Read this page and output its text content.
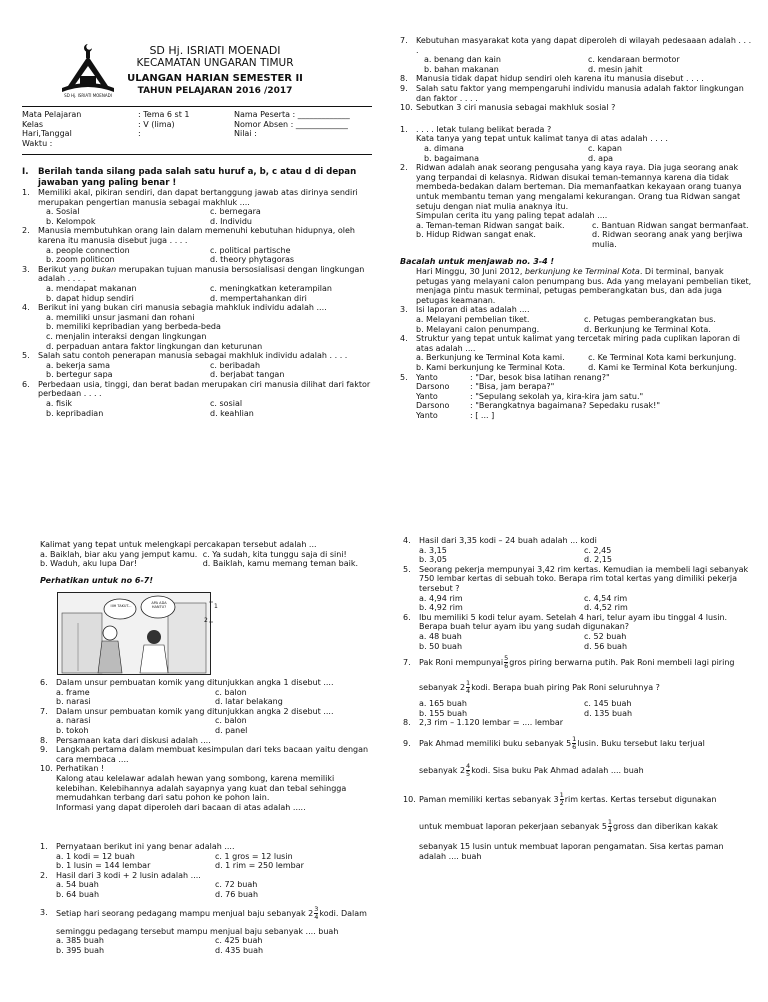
SD Hj. ISRIATI MOENADI
SD Hj. ISRIATI MOENADI
KECAMATAN UNGARAN TIMUR
ULANGAN HARIAN SEMESTER II
TAHUN PELAJARAN 2016 /2017
Mata Pelajaran	: Tema 6 st 1	Nama Peserta : _____________
Kelas	: V (lima)	Nomor Absen : _____________
Hari,Tanggal	:	Nilai :
Waktu :
I.	Berilah tanda silang pada salah satu huruf a, b, c atau d di depan jawaban yang paling benar !
1.	Memiliki akal, pikiran sendiri, dan dapat bertanggung jawab atas dirinya sendiri merupakan pengertian manusia sebagai makhluk ....
a. Sosial	c. bernegara
b. Kelompok	d. Individu
2.	Manusia membutuhkan orang lain dalam memenuhi kebutuhan hidupnya, oleh karena itu manusia disebut juga . . . .
a. people connection	c. political partische
b. zoom politicon	d. theory phytagoras
3.	Berikut yang bukan merupakan tujuan manusia bersosialisasi dengan lingkungan adalah . . . .
a. mendapat makanan	c. meningkatkan keterampilan
b. dapat hidup sendiri	d. mempertahankan diri
4.	Berikut ini yang bukan ciri manusia sebagia mahkluk individu adalah ....
a. memiliki unsur jasmani dan rohani
b. memiliki kepribadian yang berbeda-beda
c. menjalin interaksi dengan lingkungan
d. perpaduan antara faktor lingkungan dan keturunan
5.	Salah satu contoh penerapan manusia sebagai makhluk individu adalah . . . .
a. bekerja sama	c. beribadah
b. bertegur sapa	d. berjabat tangan
6.	Perbedaan usia, tinggi, dan berat badan merupakan ciri manusia dilihat dari faktor perbedaan . . . .
a. fisik	c. sosial
b. kepribadian	d. keahlian
7.	Kebutuhan masyarakat kota yang dapat diperoleh di wilayah pedesaaan adalah . . . .
a. benang dan kain	c. kendaraan bermotor
b. bahan makanan	d. mesin jahit
8.	Manusia tidak dapat hidup sendiri oleh karena itu manusia disebut . . . .
9.	Salah satu faktor yang mempengaruhi individu manusia adalah faktor lingkungan dan faktor . . . .
10. Sebutkan 3 ciri manusia sebagai makhluk sosial ?
1.	. . . . letak tulang belikat berada ?
Kata tanya yang tepat untuk kalimat tanya di atas adalah . . . .
a. dimana	c. kapan
b. bagaimana	d. apa
2.	Ridwan adalah anak seorang pengusaha yang kaya raya. Dia juga seorang anak yang terpandai di kelasnya. Ridwan disukai teman-temannya karena dia tidak membeda-bedakan dalam berteman. Dia memanfaatkan kekayaan orang tuanya untuk membantu teman yang mengalami kekurangan. Orang tua Ridwan sangat setuju dengan niat mulia anaknya itu.
Simpulan cerita itu yang paling tepat adalah ....
a. Teman-teman Ridwan sangat baik.	c. Bantuan Ridwan sangat bermanfaat.
b. Hidup Ridwan sangat enak.	d. Ridwan seorang anak yang berjiwa mulia.
Bacalah untuk menjawab no. 3-4 !
Hari Minggu, 30 Juni 2012, berkunjung ke Terminal Kota. Di terminal, banyak petugas yang melayani calon penumpang bus. Ada yang melayani pembelian tiket, menjaga pintu masuk terminal, petugas pemberangkatan bus, dan ada juga petugas keamanan.
3.	Isi laporan di atas adalah ....
a. Melayani pembelian tiket.	c. Petugas pemberangkatan bus.
b. Melayani calon penumpang.	d. Berkunjung ke Terminal Kota.
4.	Struktur yang tepat untuk kalimat yang tercetak miring pada cuplikan laporan di atas adalah ....
a. Berkunjung ke Terminal Kota kami.	c. Ke Terminal Kota kami berkunjung.
b. Kami berkunjung ke Terminal Kota.	d. Kami ke Terminal Kota berkunjung.
5.	Yanto	: "Dar, besok bisa latihan renang?"
Darsono	: "Bisa, jam berapa?"
Yanto	: "Sepulang sekolah ya, kira-kira jam satu."
Darsono	: "Berangkatnya bagaimana? Sepedaku rusak!"
Yanto	: [ ... ]
Kalimat yang tepat untuk melengkapi percakapan tersebut adalah ...
a. Baiklah, biar aku yang jemput kamu. c. Ya sudah, kita tunggu saja di sini!
b. Waduh, aku lupa Dar!	d. Baiklah, kamu memang teman baik.
Perhatikan untuk no 6-7!
IIIH TAKUT...
APA ADA HANTU?	1
2
6.	Dalam unsur pembuatan komik yang ditunjukkan angka 1 disebut ....
a. frame	c. balon
b. narasi	d. latar belakang
7.	Dalam unsur pembuatan komik yang ditunjukkan angka 2 disebut ....
a. narasi	c. balon
b. tokoh	d. panel
8.	Persamaan kata dari diskusi adalah ....
9.	Langkah pertama dalam membuat kesimpulan dari teks bacaan yaitu dengan cara membaca ....
10. Perhatikan !
Kalong atau kelelawar adalah hewan yang sombong, karena memiliki kelebihan. Kelebihannya adalah sayapnya yang kuat dan tebal sehingga memudahkan terbang dari satu pohon ke pohon lain.
Informasi yang dapat diperoleh dari bacaan di atas adalah .....
1.	Pernyataan berikut ini yang benar adalah ....
a. 1 kodi = 12 buah	c. 1 gros = 12 lusin
b. 1 lusin = 144 lembar	d. 1 rim = 250 lembar
2.	Hasil dari 3 kodi + 2 lusin adalah ....
a. 54 buah	c. 72 buah
b. 64 buah	d. 76 buah
3.	Setiap hari seorang pedagang mampu menjual baju sebanyak $2 \frac{3}{4}$ kodi. Dalam
seminggu pedagang tersebut mampu menjual baju sebanyak .... buah
a. 385 buah	c. 425 buah
b. 395 buah	d. 435 buah
4.	Hasil dari 3,35 kodi – 24 buah adalah ... kodi
a. 3,15	c. 2,45
b. 3,05	d. 2,15
5.	Seorang pekerja mempunyai 3,42 rim kertas. Kemudian ia membeli lagi sebanyak 750 lembar kertas di sebuah toko. Berapa rim total kertas yang dimiliki pekerja tersebut ?
a. 4,94 rim	c. 4,54 rim
b. 4,92 rim	d. 4,52 rim
6.	Ibu memiliki 5 kodi telur ayam. Setelah 4 hari, telur ayam ibu tinggal 4 lusin. Berapa buah telur ayam ibu yang sudah digunakan?
a. 48 buah	c. 52 buah
b. 50 buah	d. 56 buah
7.	Pak Roni mempunyai $\frac{5}{6}$ gros piring berwarna putih. Pak Roni membeli lagi piring
sebanyak $2 \frac{1}{4}$ kodi. Berapa buah piring Pak Roni seluruhnya ?
a. 165 buah	c. 145 buah
b. 155 buah	d. 135 buah
8.	2,3 rim – 1.120 lembar = .... lembar
9.	Pak Ahmad memiliki buku sebanyak $5 \frac{1}{6} lusin$. Buku tersebut laku terjual
sebanyak $2 \frac{4}{5}$ kodi. Sisa buku Pak Ahmad adalah .... buah
10. Paman memiliki kertas sebanyak $3 \frac{1}{2}$ rim kertas. Kertas tersebut digunakan
untuk membuat laporan pekerjaan sebanyak $5 \frac{1}{4}$ gross dan diberikan kakak
sebanyak 15 lusin untuk membuat laporan pengamatan. Sisa kertas paman adalah .... buah
